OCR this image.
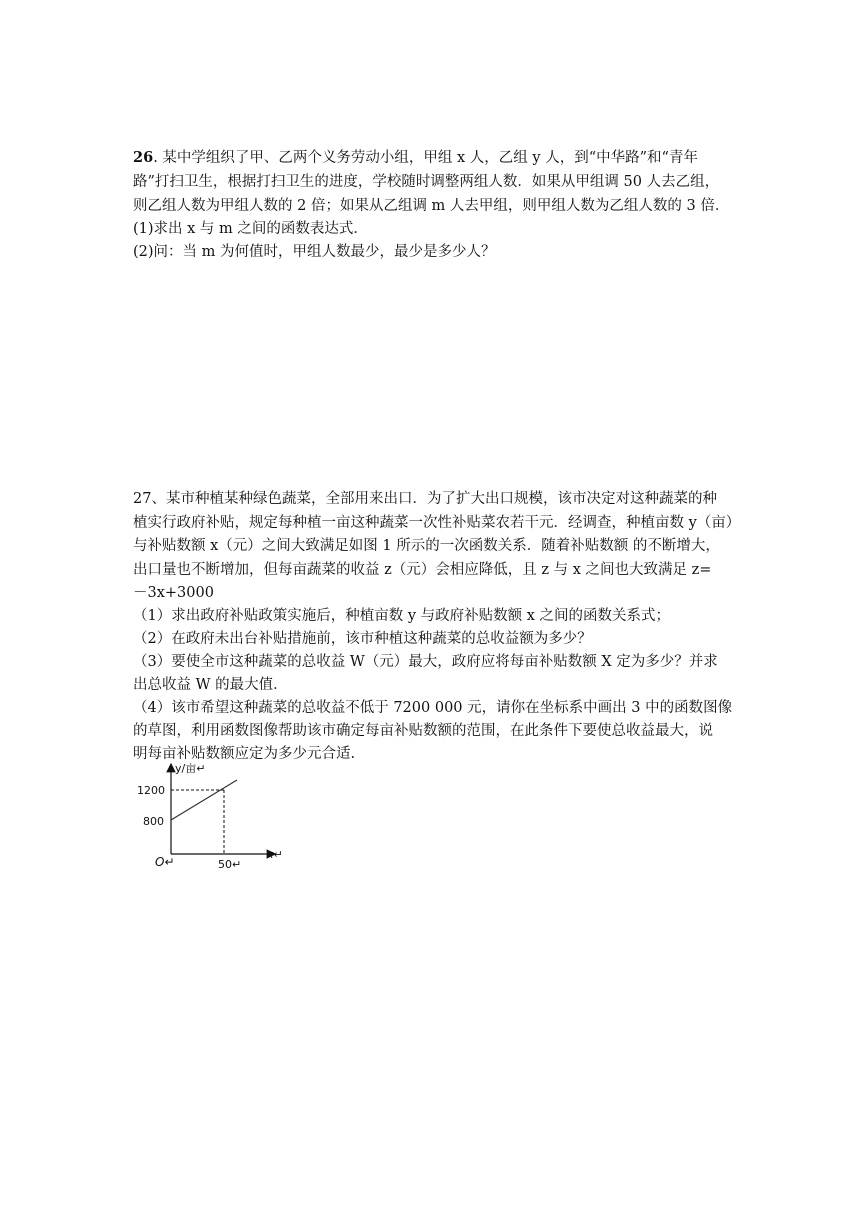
26. 某中学组织了甲、乙两个义务劳动小组，甲组 x 人，乙组 y 人，到“中华路”和“青年
路”打扫卫生，根据打扫卫生的进度，学校随时调整两组人数．如果从甲组调 50 人去乙组，
则乙组人数为甲组人数的 2 倍；如果从乙组调 m 人去甲组，则甲组人数为乙组人数的 3 倍．
(1)求出 x 与 m 之间的函数表达式．
(2)问：当 m 为何值时，甲组人数最少，最少是多少人？
27、某市种植某种绿色蔬菜，全部用来出口．为了扩大出口规模，该市决定对这种蔬菜的种
植实行政府补贴，规定每种植一亩这种蔬菜一次性补贴菜农若干元．经调查，种植亩数 y（亩）
与补贴数额 x（元）之间大致满足如图 1 所示的一次函数关系．随着补贴数额 的不断增大，
出口量也不断增加，但每亩蔬菜的收益 z（元）会相应降低，且 z 与 x 之间也大致满足 z=
－3x+3000
（1）求出政府补贴政策实施后，种植亩数 y 与政府补贴数额 x 之间的函数关系式；
（2）在政府未出台补贴措施前，该市种植这种蔬菜的总收益额为多少？
（3）要使全市这种蔬菜的总收益 W（元）最大，政府应将每亩补贴数额 X 定为多少？并求
出总收益 W 的最大值．
（4）该市希望这种蔬菜的总收益不低于 7200 000 元，请你在坐标系中画出 3 中的函数图像
的草图，利用函数图像帮助该市确定每亩补贴数额的范围，在此条件下要使总收益最大，说
明每亩补贴数额应定为多少元合适.
y/亩↵
1200
800
O↵	50↵
x↵
